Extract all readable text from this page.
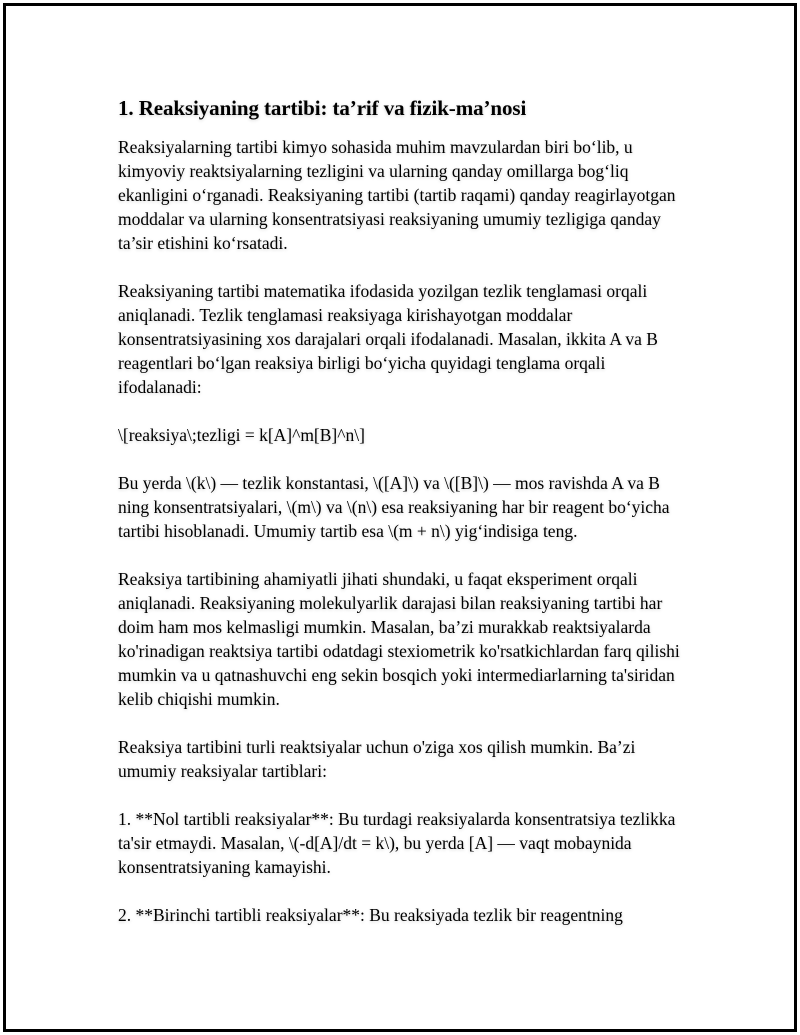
1. Reaksiyaning tartibi: ta’rif va fizik-ma’nosi

Reaksiyalarning tartibi kimyo sohasida muhim mavzulardan biri bo‘lib, u kimyoviy reaktsiyalarning tezligini va ularning qanday omillarga bog‘liq ekanligini o‘rganadi. Reaksiyaning tartibi (tartib raqami) qanday reagirlayotgan moddalar va ularning konsentratsiyasi reaksiyaning umumiy tezligiga qanday ta’sir etishini ko‘rsatadi.

Reaksiyaning tartibi matematika ifodasida yozilgan tezlik tenglamasi orqali aniqlanadi. Tezlik tenglamasi reaksiyaga kirishayotgan moddalar konsentratsiyasining xos darajalari orqali ifodalanadi. Masalan, ikkita A va B reagentlari bo‘lgan reaksiya birligi bo‘yicha quyidagi tenglama orqali ifodalanadi:

\[reaksiya\;tezligi = k[A]^m[B]^n\]

Bu yerda \(k\) — tezlik konstantasi, \([A]\) va \([B]\) — mos ravishda A va B ning konsentratsiyalari, \(m\) va \(n\) esa reaksiyaning har bir reagent bo‘yicha tartibi hisoblanadi. Umumiy tartib esa \(m + n\) yig‘indisiga teng.

Reaksiya tartibining ahamiyatli jihati shundaki, u faqat eksperiment orqali aniqlanadi. Reaksiyaning molekulyarlik darajasi bilan reaksiyaning tartibi har doim ham mos kelmasligi mumkin. Masalan, ba’zi murakkab reaktsiyalarda ko'rinadigan reaktsiya tartibi odatdagi stexiometrik ko'rsatkichlardan farq qilishi mumkin va u qatnashuvchi eng sekin bosqich yoki intermediarlarning ta'siridan kelib chiqishi mumkin.

Reaksiya tartibini turli reaktsiyalar uchun o'ziga xos qilish mumkin. Ba’zi umumiy reaksiyalar tartiblari:

1. **Nol tartibli reaksiyalar**: Bu turdagi reaksiyalarda konsentratsiya tezlikka ta'sir etmaydi. Masalan, \(-d[A]/dt = k\), bu yerda [A] — vaqt mobaynida konsentratsiyaning kamayishi.

2. **Birinchi tartibli reaksiyalar**: Bu reaksiyada tezlik bir reagentning
